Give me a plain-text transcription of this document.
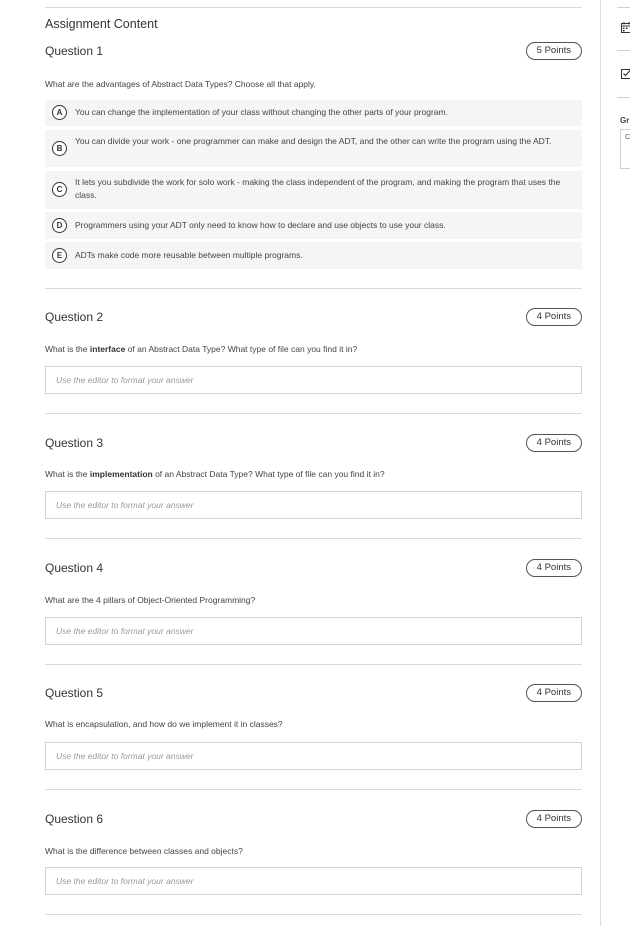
Assignment Content
Question 1	5 Points
What are the advantages of Abstract Data Types? Choose all that apply.
A	You can change the implementation of your class without changing the other parts of your program.
B
You can divide your work - one programmer can make and design the ADT, and the other can write the program using the ADT.
C
It lets you subdivide the work for solo work - making the class independent of the program, and making the program that uses the class.
D	Programmers using your ADT only need to know how to declare and use objects to use your class.
E	ADTs make code more reusable between multiple programs.
Question 2	4 Points
What is the interface of an Abstract Data Type? What type of file can you find it in?
Use the editor to format your answer
Question 3	4 Points
What is the implementation of an Abstract Data Type? What type of file can you find it in?
Use the editor to format your answer
Question 4	4 Points
What are the 4 pillars of Object-Oriented Programming?
Use the editor to format your answer
Question 5	4 Points
What is encapsulation, and how do we implement it in classes?
Use the editor to format your answer
Question 6	4 Points
What is the difference between classes and objects?
Use the editor to format your answer
Gr
C
